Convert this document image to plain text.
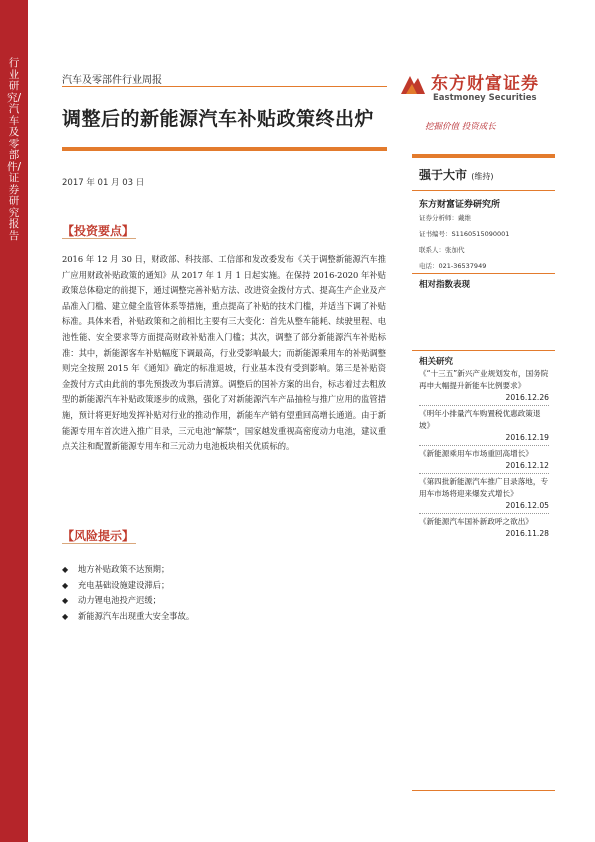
行业研究/汽车及零部件/证券研究报告
汽车及零部件行业周报
调整后的新能源汽车补贴政策终出炉
2017 年 01 月 03 日
东方财富证券
Eastmoney Securities
挖掘价值 投资成长
【投资要点】
2016 年 12 月 30 日，财政部、科技部、工信部和发改委发布《关于调整新能源汽车推广应用财政补贴政策的通知》从 2017 年 1 月 1 日起实施。在保持 2016-2020 年补贴政策总体稳定的前提下，通过调整完善补贴方法、改进资金拨付方式、提高生产企业及产品准入门槛、建立健全监管体系等措施，重点提高了补贴的技术门槛，并适当下调了补贴标准。具体来看，补贴政策和之前相比主要有三大变化：首先从整车能耗、续驶里程、电池性能、安全要求等方面提高财政补贴准入门槛；其次，调整了部分新能源汽车补贴标准：其中，新能源客车补贴幅度下调最高，行业受影响最大；而新能源乘用车的补贴调整则完全按照 2015 年《通知》确定的标准退坡，行业基本没有受到影响。第三是补贴资金拨付方式由此前的事先预拨改为事后清算。调整后的国补方案的出台，标志着过去粗放型的新能源汽车补贴政策逐步的成熟，强化了对新能源汽车产品抽检与推广应用的监管措施，预计将更好地发挥补贴对行业的推动作用，新能车产销有望重回高增长通道。由于新能源专用车首次进入推广目录，三元电池“解禁”，国家越发重视高密度动力电池，建议重点关注和配置新能源专用车和三元动力电池板块相关优质标的。
【风险提示】
◆	地方补贴政策不达预期；
◆	充电基础设施建设滞后；
◆	动力锂电池投产迟缓；
◆	新能源汽车出现重大安全事故。
强于大市 (维持)
东方财富证券研究所
证券分析师：戴维
证书编号：S1160515090001
联系人：张加代
电话：021-36537949
相对指数表现
相关研究
《“十三五”新兴产业规划发布，国务院再申大幅提升新能车比例要求》
2016.12.26
《明年小排量汽车购置税优惠政策退坡》
2016.12.19
《新能源乘用车市场重回高增长》
2016.12.12
《第四批新能源汽车推广目录落地，专用车市场将迎来爆发式增长》
2016.12.05
《新能源汽车国补新政呼之欲出》
2016.11.28
